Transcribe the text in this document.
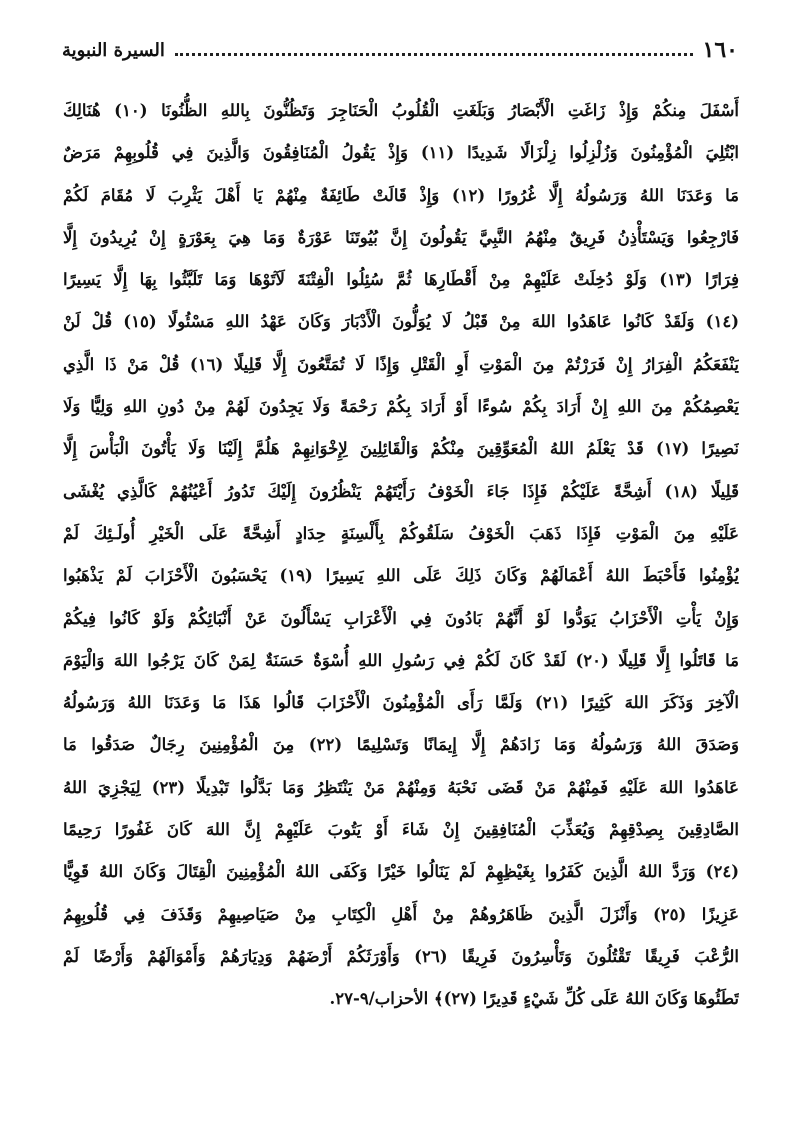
١٦٠
السيرة النبوية
أَسْفَلَ مِنكُمْ وَإِذْ زَاغَتِ الْأَبْصَارُ وَبَلَغَتِ الْقُلُوبُ الْحَنَاجِرَ وَتَظُنُّونَ بِاللهِ الظُّنُونَا (١٠) هُنَالِكَ
ابْتُلِيَ الْمُؤْمِنُونَ وَزُلْزِلُوا زِلْزَالًا شَدِيدًا (١١) وَإِذْ يَقُولُ الْمُنَافِقُونَ وَالَّذِينَ فِي قُلُوبِهِمْ مَرَضٌ
مَا وَعَدَنَا اللهُ وَرَسُولُهُ إِلَّا غُرُورًا (١٢) وَإِذْ قَالَتْ طَائِفَةٌ مِنْهُمْ يَا أَهْلَ يَثْرِبَ لَا مُقَامَ لَكُمْ
فَارْجِعُوا وَيَسْتَأْذِنُ فَرِيقٌ مِنْهُمُ النَّبِيَّ يَقُولُونَ إِنَّ بُيُوتَنَا عَوْرَةٌ وَمَا هِيَ بِعَوْرَةٍ إِنْ يُرِيدُونَ إِلَّا
فِرَارًا (١٣) وَلَوْ دُخِلَتْ عَلَيْهِمْ مِنْ أَقْطَارِهَا ثُمَّ سُئِلُوا الْفِتْنَةَ لَآتَوْهَا وَمَا تَلَبَّثُوا بِهَا إِلَّا يَسِيرًا
(١٤) وَلَقَدْ كَانُوا عَاهَدُوا اللهَ مِنْ قَبْلُ لَا يُوَلُّونَ الْأَدْبَارَ وَكَانَ عَهْدُ اللهِ مَسْئُولًا (١٥) قُلْ لَنْ
يَنْفَعَكُمُ الْفِرَارُ إِنْ فَرَرْتُمْ مِنَ الْمَوْتِ أَوِ الْقَتْلِ وَإِذًا لَا تُمَتَّعُونَ إِلَّا قَلِيلًا (١٦) قُلْ مَنْ ذَا الَّذِي
يَعْصِمُكُمْ مِنَ اللهِ إِنْ أَرَادَ بِكُمْ سُوءًا أَوْ أَرَادَ بِكُمْ رَحْمَةً وَلَا يَجِدُونَ لَهُمْ مِنْ دُونِ اللهِ وَلِيًّا وَلَا
نَصِيرًا (١٧) قَدْ يَعْلَمُ اللهُ الْمُعَوِّقِينَ مِنْكُمْ وَالْقَائِلِينَ لِإِخْوَانِهِمْ هَلُمَّ إِلَيْنَا وَلَا يَأْتُونَ الْبَأْسَ إِلَّا
قَلِيلًا (١٨) أَشِحَّةً عَلَيْكُمْ فَإِذَا جَاءَ الْخَوْفُ رَأَيْتَهُمْ يَنْظُرُونَ إِلَيْكَ تَدُورُ أَعْيُنُهُمْ كَالَّذِي يُغْشَى
عَلَيْهِ مِنَ الْمَوْتِ فَإِذَا ذَهَبَ الْخَوْفُ سَلَقُوكُمْ بِأَلْسِنَةٍ حِدَادٍ أَشِحَّةً عَلَى الْخَيْرِ أُولَـئِكَ لَمْ
يُؤْمِنُوا فَأَحْبَطَ اللهُ أَعْمَالَهُمْ وَكَانَ ذَلِكَ عَلَى اللهِ يَسِيرًا (١٩) يَحْسَبُونَ الْأَحْزَابَ لَمْ يَذْهَبُوا
وَإِنْ يَأْتِ الْأَحْزَابُ يَوَدُّوا لَوْ أَنَّهُمْ بَادُونَ فِي الْأَعْرَابِ يَسْأَلُونَ عَنْ أَنْبَائِكُمْ وَلَوْ كَانُوا فِيكُمْ
مَا قَاتَلُوا إِلَّا قَلِيلًا (٢٠) لَقَدْ كَانَ لَكُمْ فِي رَسُولِ اللهِ أُسْوَةٌ حَسَنَةٌ لِمَنْ كَانَ يَرْجُوا اللهَ وَالْيَوْمَ
الْآخِرَ وَذَكَرَ اللهَ كَثِيرًا (٢١) وَلَمَّا رَأَى الْمُؤْمِنُونَ الْأَحْزَابَ قَالُوا هَذَا مَا وَعَدَنَا اللهُ وَرَسُولُهُ
وَصَدَقَ اللهُ وَرَسُولُهُ وَمَا زَادَهُمْ إِلَّا إِيمَانًا وَتَسْلِيمًا (٢٢) مِنَ الْمُؤْمِنِينَ رِجَالٌ صَدَقُوا مَا
عَاهَدُوا اللهَ عَلَيْهِ فَمِنْهُمْ مَنْ قَضَى نَحْبَهُ وَمِنْهُمْ مَنْ يَنْتَظِرُ وَمَا بَدَّلُوا تَبْدِيلًا (٢٣) لِيَجْزِيَ اللهُ
الصَّادِقِينَ بِصِدْقِهِمْ وَيُعَذِّبَ الْمُنَافِقِينَ إِنْ شَاءَ أَوْ يَتُوبَ عَلَيْهِمْ إِنَّ اللهَ كَانَ غَفُورًا رَحِيمًا
(٢٤) وَرَدَّ اللهُ الَّذِينَ كَفَرُوا بِغَيْظِهِمْ لَمْ يَنَالُوا خَيْرًا وَكَفَى اللهُ الْمُؤْمِنِينَ الْقِتَالَ وَكَانَ اللهُ قَوِيًّا
عَزِيزًا (٢٥) وَأَنْزَلَ الَّذِينَ ظَاهَرُوهُمْ مِنْ أَهْلِ الْكِتَابِ مِنْ صَيَاصِيهِمْ وَقَذَفَ فِي قُلُوبِهِمُ
الرُّعْبَ فَرِيقًا تَقْتُلُونَ وَتَأْسِرُونَ فَرِيقًا (٢٦) وَأَوْرَثَكُمْ أَرْضَهُمْ وَدِيَارَهُمْ وَأَمْوَالَهُمْ وَأَرْضًا لَمْ
تَطَئُوهَا وَكَانَ اللهُ عَلَى كُلِّ شَيْءٍ قَدِيرًا (٢٧)﴾ الأحزاب/٩-٢٧.
